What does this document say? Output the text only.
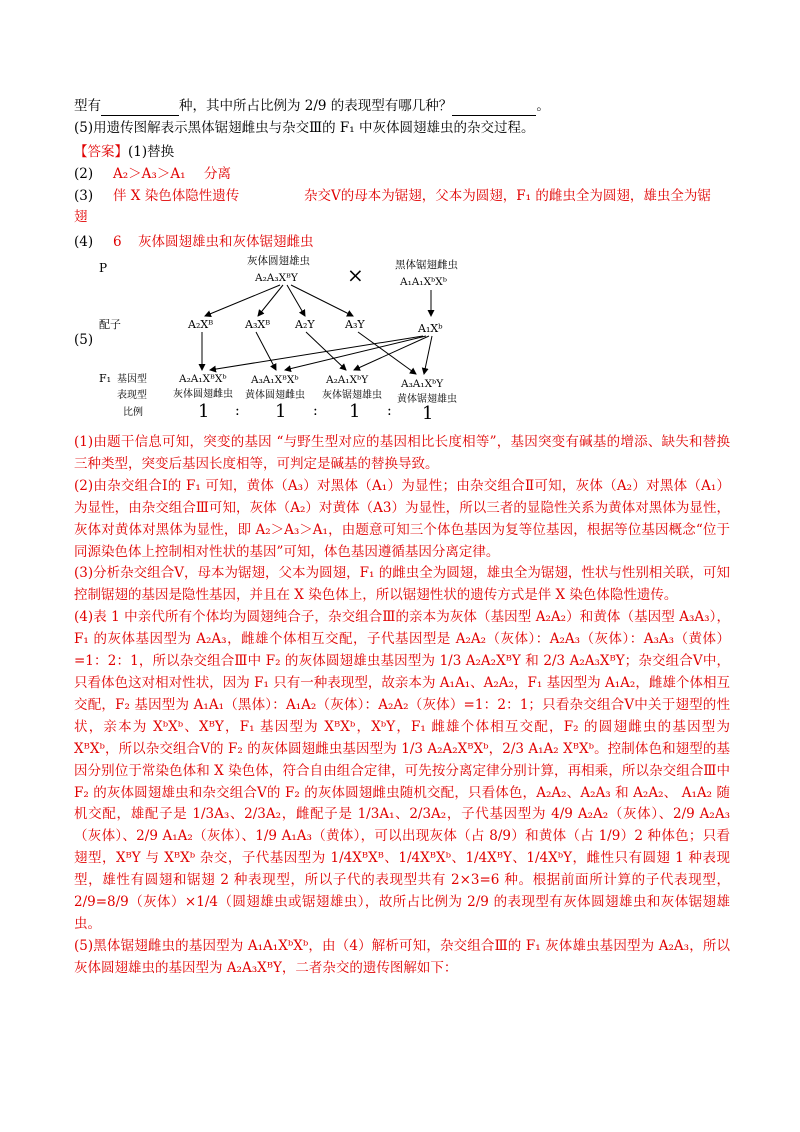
型有	种，其中所占比例为 2/9 的表现型有哪几种？	。
(5)用遗传图解表示黑体锯翅雌虫与杂交Ⅲ的 F₁ 中灰体圆翅雄虫的杂交过程。
【答案】(1)替换
(2) A₂＞A₃＞A₁ 分离
(3) 伴 X 染色体隐性遗传	杂交Ⅴ的母本为锯翅，父本为圆翅，F₁ 的雌虫全为圆翅，雄虫全为锯
翅
(4) 6 灰体圆翅雄虫和灰体锯翅雌虫
(5)
P
配子
F₁ 基因型
表现型
比例
灰体圆翅雄虫
A₂A₃XᴮY ×	黑体锯翅雌虫
A₁A₁XᵇXᵇ
A₂Xᴮ	A₃Xᴮ A₂Y	A₃Y	A₁Xᵇ
A₂A₁XᴮXᵇ
灰体圆翅雌虫
A₃A₁XᴮXᵇ
黄体圆翅雌虫
A₂A₁XᵇY
灰体锯翅雄虫
A₃A₁XᵇY
黄体锯翅雄虫
1 : 1 : 1 : 1

(1)由题干信息可知，突变的基因 “与野生型对应的基因相比长度相等”，基因突变有碱基的增添、缺失和替换三种类型，突变后基因长度相等，可判定是碱基的替换导致。

(2)由杂交组合Ⅰ的 F₁ 可知，黄体（A₃）对黑体（A₁）为显性；由杂交组合Ⅱ可知，灰体（A₂）对黑体（A₁）为显性，由杂交组合Ⅲ可知，灰体（A₂）对黄体（A3）为显性，所以三者的显隐性关系为黄体对黑体为显性，灰体对黄体对黑体为显性，即 A₂＞A₃＞A₁，由题意可知三个体色基因为复等位基因，根据等位基因概念“位于同源染色体上控制相对性状的基因”可知，体色基因遵循基因分离定律。

(3)分析杂交组合Ⅴ，母本为锯翅，父本为圆翅，F₁ 的雌虫全为圆翅，雄虫全为锯翅，性状与性别相关联，可知控制锯翅的基因是隐性基因，并且在 X 染色体上，所以锯翅性状的遗传方式是伴 X 染色体隐性遗传。

(4)表 1 中亲代所有个体均为圆翅纯合子，杂交组合Ⅲ的亲本为灰体（基因型 A₂A₂）和黄体（基因型 A₃A₃），F₁ 的灰体基因型为 A₂A₃，雌雄个体相互交配，子代基因型是 A₂A₂（灰体）：A₂A₃（灰体）：A₃A₃（黄体）=1：2：1，所以杂交组合Ⅲ中 F₂ 的灰体圆翅雄虫基因型为 1/3 A₂A₂XᴮY 和 2/3 A₂A₃XᴮY；杂交组合Ⅴ中，只看体色这对相对性状，因为 F₁ 只有一种表现型，故亲本为 A₁A₁、A₂A₂，F₁ 基因型为 A₁A₂，雌雄个体相互交配，F₂ 基因型为 A₁A₁（黑体）：A₁A₂（灰体）：A₂A₂（灰体）=1：2：1；只看杂交组合Ⅴ中关于翅型的性状，亲本为 XᵇXᵇ、XᴮY，F₁ 基因型为 XᴮXᵇ，XᵇY，F₁ 雌雄个体相互交配，F₂ 的圆翅雌虫的基因型为 XᴮXᵇ，所以杂交组合Ⅴ的 F₂ 的灰体圆翅雌虫基因型为 1/3 A₂A₂XᴮXᵇ，2/3 A₁A₂ XᴮXᵇ。控制体色和翅型的基因分别位于常染色体和 X 染色体，符合自由组合定律，可先按分离定律分别计算，再相乘，所以杂交组合Ⅲ中 F₂ 的灰体圆翅雄虫和杂交组合Ⅴ的 F₂ 的灰体圆翅雌虫随机交配，只看体色，A₂A₂、A₂A₃ 和 A₂A₂、 A₁A₂ 随机交配，雄配子是 1/3A₃、2/3A₂，雌配子是 1/3A₁、2/3A₂，子代基因型为 4/9 A₂A₂（灰体）、2/9 A₂A₃（灰体）、2/9 A₁A₂（灰体）、1/9 A₁A₃（黄体），可以出现灰体（占 8/9）和黄体（占 1/9）2 种体色；只看翅型，XᴮY 与 XᴮXᵇ 杂交，子代基因型为 1/4XᴮXᴮ、1/4XᴮXᵇ、1/4XᴮY、1/4XᵇY，雌性只有圆翅 1 种表现型，雄性有圆翅和锯翅 2 种表现型，所以子代的表现型共有 2×3=6 种。根据前面所计算的子代表现型，2/9=8/9（灰体）×1/4（圆翅雄虫或锯翅雄虫），故所占比例为 2/9 的表现型有灰体圆翅雄虫和灰体锯翅雄虫。

(5)黑体锯翅雌虫的基因型为 A₁A₁XᵇXᵇ，由（4）解析可知，杂交组合Ⅲ的 F₁ 灰体雄虫基因型为 A₂A₃，所以灰体圆翅雄虫的基因型为 A₂A₃XᴮY，二者杂交的遗传图解如下：
